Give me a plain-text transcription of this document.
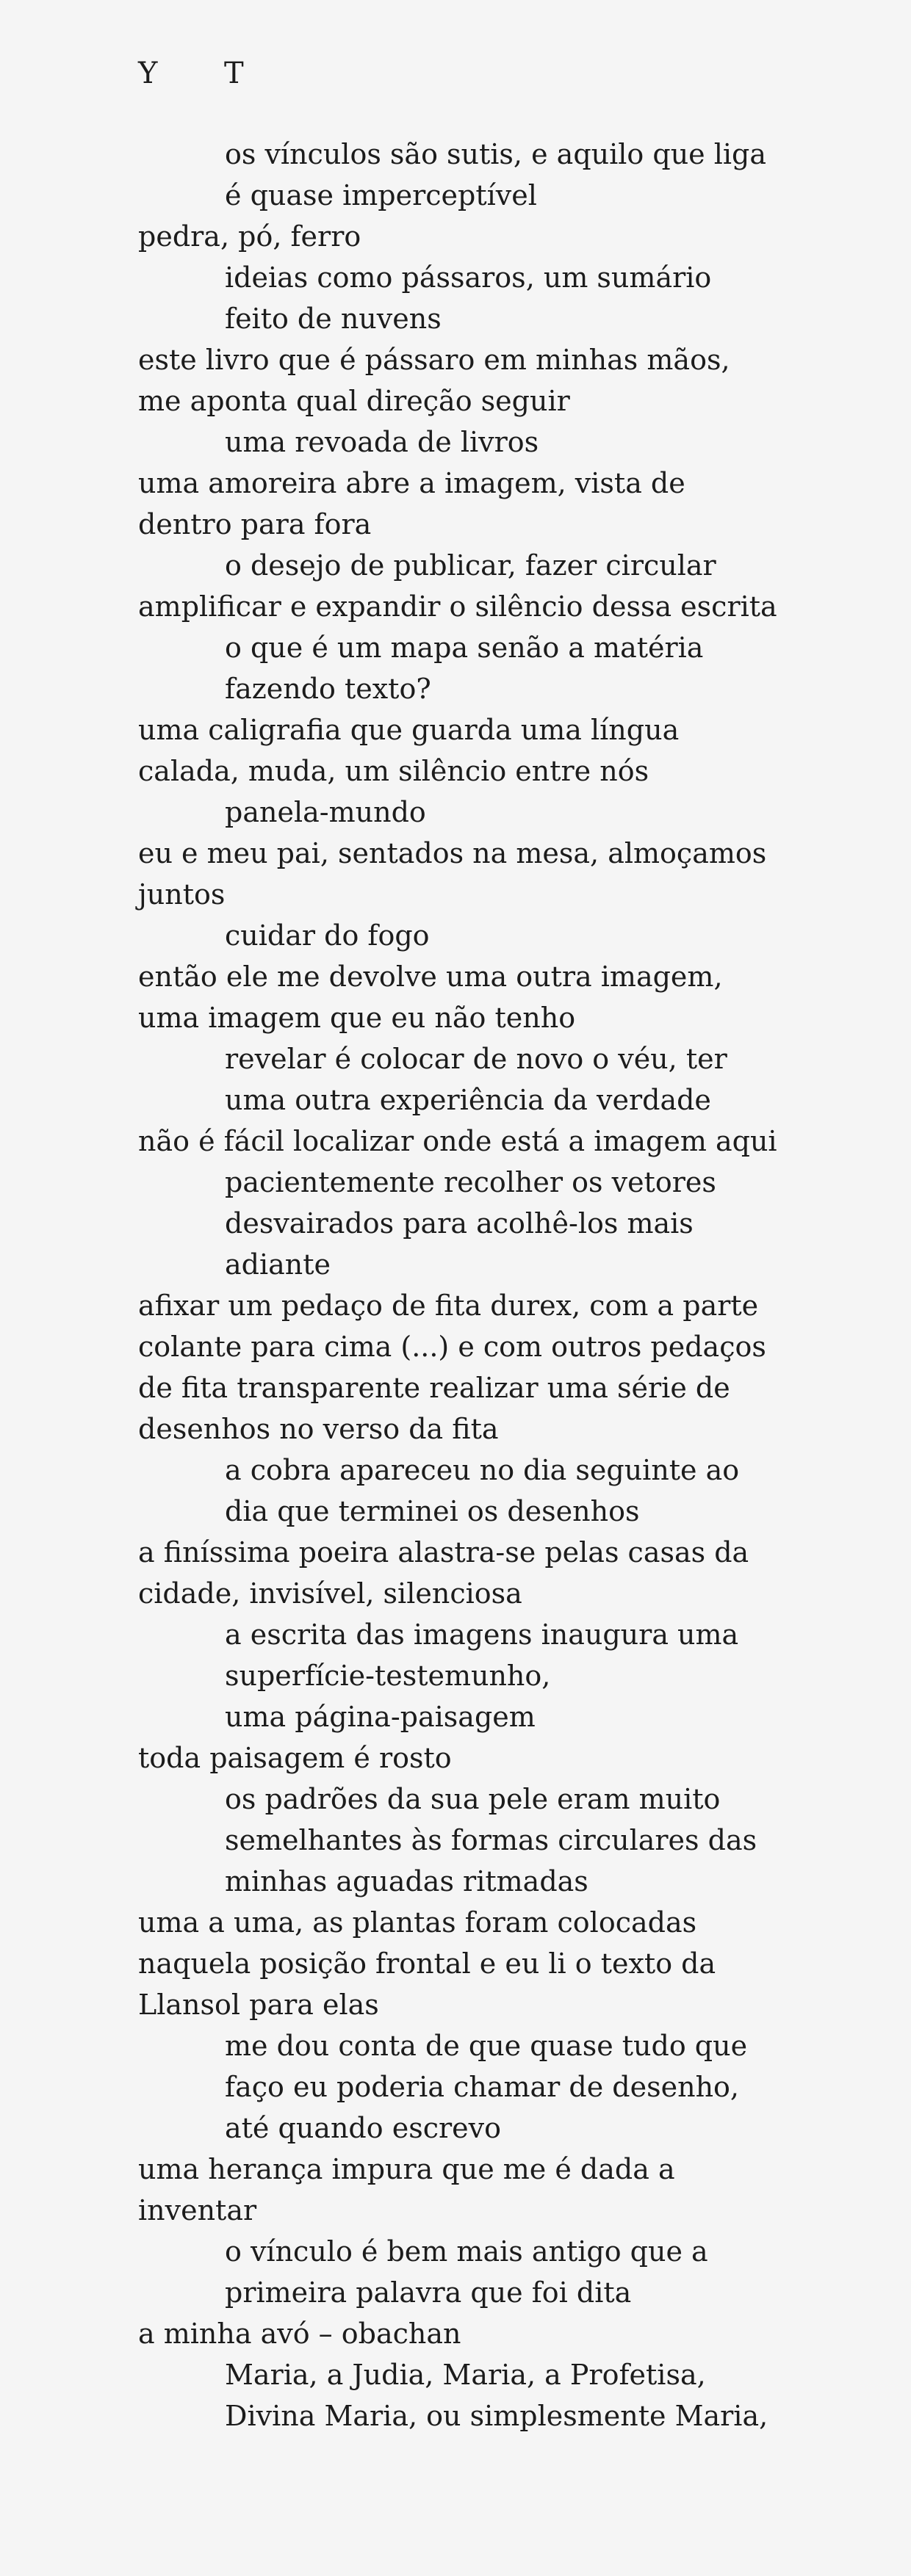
Y T
os vínculos são sutis, e aquilo que liga
é quase imperceptível
pedra, pó, ferro
ideias como pássaros, um sumário
feito de nuvens
este livro que é pássaro em minhas mãos,
me aponta qual direção seguir
uma revoada de livros
uma amoreira abre a imagem, vista de
dentro para fora
o desejo de publicar, fazer circular
amplificar e expandir o silêncio dessa escrita
o que é um mapa senão a matéria
fazendo texto?
uma caligrafia que guarda uma língua
calada, muda, um silêncio entre nós
panela-mundo
eu e meu pai, sentados na mesa, almoçamos
juntos
cuidar do fogo
então ele me devolve uma outra imagem,
uma imagem que eu não tenho
revelar é colocar de novo o véu, ter
uma outra experiência da verdade
não é fácil localizar onde está a imagem aqui
pacientemente recolher os vetores
desvairados para acolhê-los mais
adiante
afixar um pedaço de fita durex, com a parte
colante para cima (...) e com outros pedaços
de fita transparente realizar uma série de
desenhos no verso da fita
a cobra apareceu no dia seguinte ao
dia que terminei os desenhos
a finíssima poeira alastra-se pelas casas da
cidade, invisível, silenciosa
a escrita das imagens inaugura uma
superfície-testemunho,
uma página-paisagem
toda paisagem é rosto
os padrões da sua pele eram muito
semelhantes às formas circulares das
minhas aguadas ritmadas
uma a uma, as plantas foram colocadas
naquela posição frontal e eu li o texto da
Llansol para elas
me dou conta de que quase tudo que
faço eu poderia chamar de desenho,
até quando escrevo
uma herança impura que me é dada a
inventar
o vínculo é bem mais antigo que a
primeira palavra que foi dita
a minha avó – obachan
Maria, a Judia, Maria, a Profetisa,
Divina Maria, ou simplesmente Maria,
